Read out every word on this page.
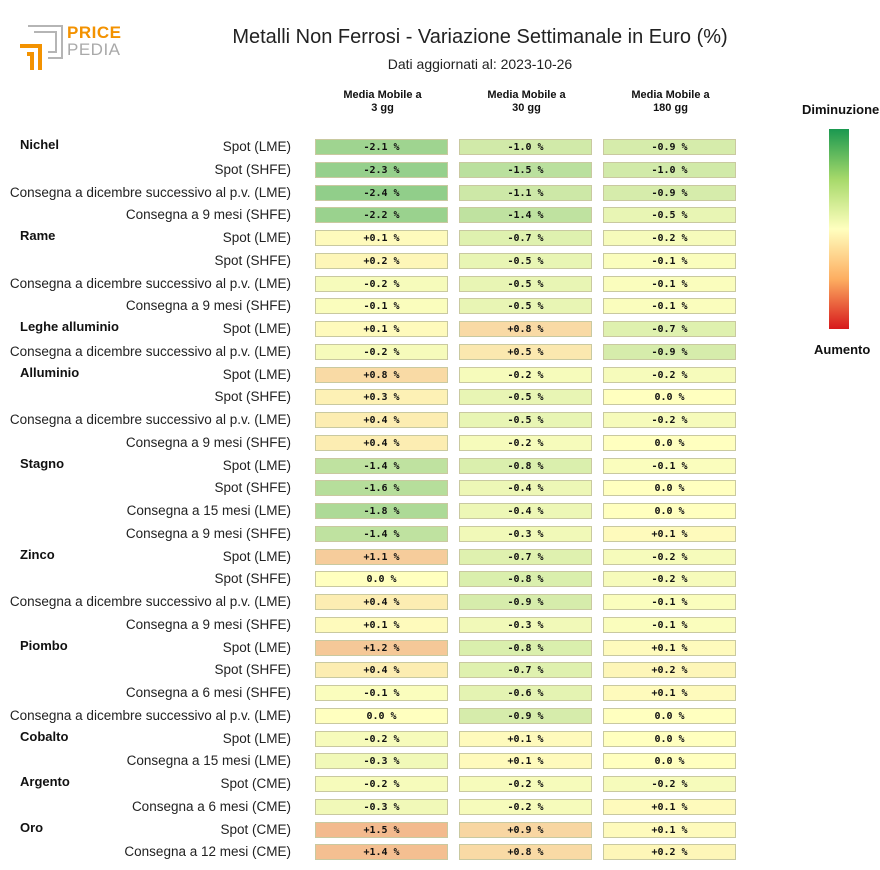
PRICE
PEDIA
Metalli Non Ferrosi - Variazione Settimanale in Euro (%)
Dati aggiornati al: 2023-10-26
Media Mobile a
3 gg
Media Mobile a
30 gg
Media Mobile a
180 gg
Nichel	Spot (LME)	-2.1 %	-1.0 %	-0.9 %
Spot (SHFE)	-2.3 %	-1.5 %	-1.0 %
Consegna a dicembre successivo al p.v. (LME)	-2.4 %	-1.1 %	-0.9 %
Consegna a 9 mesi (SHFE)	-2.2 %	-1.4 %	-0.5 %
Rame	Spot (LME)	+0.1 %	-0.7 %	-0.2 %
Spot (SHFE)	+0.2 %	-0.5 %	-0.1 %
Consegna a dicembre successivo al p.v. (LME)	-0.2 %	-0.5 %	-0.1 %
Consegna a 9 mesi (SHFE)	-0.1 %	-0.5 %	-0.1 %
Leghe alluminio	Spot (LME)	+0.1 %	+0.8 %	-0.7 %
Consegna a dicembre successivo al p.v. (LME)	-0.2 %	+0.5 %	-0.9 %
Alluminio	Spot (LME)	+0.8 %	-0.2 %	-0.2 %
Spot (SHFE)	+0.3 %	-0.5 %	0.0 %
Consegna a dicembre successivo al p.v. (LME)	+0.4 %	-0.5 %	-0.2 %
Consegna a 9 mesi (SHFE)	+0.4 %	-0.2 %	0.0 %
Stagno	Spot (LME)	-1.4 %	-0.8 %	-0.1 %
Spot (SHFE)	-1.6 %	-0.4 %	0.0 %
Consegna a 15 mesi (LME)	-1.8 %	-0.4 %	0.0 %
Consegna a 9 mesi (SHFE)	-1.4 %	-0.3 %	+0.1 %
Zinco	Spot (LME)	+1.1 %	-0.7 %	-0.2 %
Spot (SHFE)	0.0 %	-0.8 %	-0.2 %
Consegna a dicembre successivo al p.v. (LME)	+0.4 %	-0.9 %	-0.1 %
Consegna a 9 mesi (SHFE)	+0.1 %	-0.3 %	-0.1 %
Piombo	Spot (LME)	+1.2 %	-0.8 %	+0.1 %
Spot (SHFE)	+0.4 %	-0.7 %	+0.2 %
Consegna a 6 mesi (SHFE)	-0.1 %	-0.6 %	+0.1 %
Consegna a dicembre successivo al p.v. (LME)	0.0 %	-0.9 %	0.0 %
Cobalto	Spot (LME)	-0.2 %	+0.1 %	0.0 %
Consegna a 15 mesi (LME)	-0.3 %	+0.1 %	0.0 %
Argento	Spot (CME)	-0.2 %	-0.2 %	-0.2 %
Consegna a 6 mesi (CME)	-0.3 %	-0.2 %	+0.1 %
Oro	Spot (CME)	+1.5 %	+0.9 %	+0.1 %
Consegna a 12 mesi (CME)	+1.4 %	+0.8 %	+0.2 %
Diminuzione
Aumento
